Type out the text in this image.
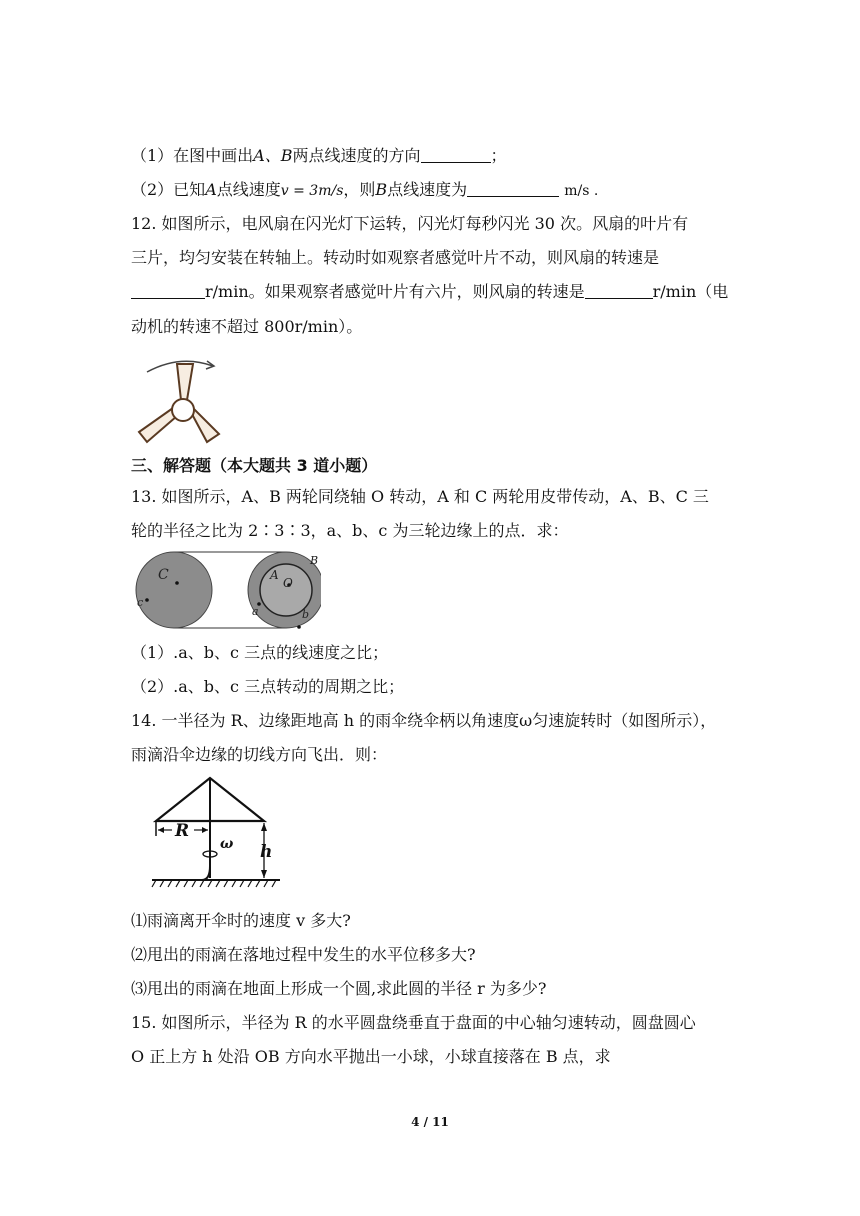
（1）在图中画出A、B两点线速度的方向	；
（2）已知A点线速度v = 3m/s，则B点线速度为	m/s .
12. 如图所示，电风扇在闪光灯下运转，闪光灯每秒闪光 30 次。风扇的叶片有
三片，均匀安装在转轴上。转动时如观察者感觉叶片不动，则风扇的转速是
r/min。如果观察者感觉叶片有六片，则风扇的转速是	r/min（电
动机的转速不超过 800r/min）。
三、解答题（本大题共 3 道小题）
13. 如图所示，A、B 两轮同绕轴 O 转动，A 和 C 两轮用皮带传动，A、B、C 三
轮的半径之比为 2∶3∶3，a、b、c 为三轮边缘上的点．求：
C
c
A
O
B
a	b
（1）.a、b、c 三点的线速度之比；
（2）.a、b、c 三点转动的周期之比；
14. 一半径为 R、边缘距地高 h 的雨伞绕伞柄以角速度ω匀速旋转时（如图所示），
雨滴沿伞边缘的切线方向飞出．则：
R
ω h
⑴雨滴离开伞时的速度 v 多大?
⑵甩出的雨滴在落地过程中发生的水平位移多大?
⑶甩出的雨滴在地面上形成一个圆,求此圆的半径 r 为多少?
15. 如图所示，半径为 R 的水平圆盘绕垂直于盘面的中心轴匀速转动，圆盘圆心
O 正上方 h 处沿 OB 方向水平抛出一小球，小球直接落在 B 点，求
4 / 11
